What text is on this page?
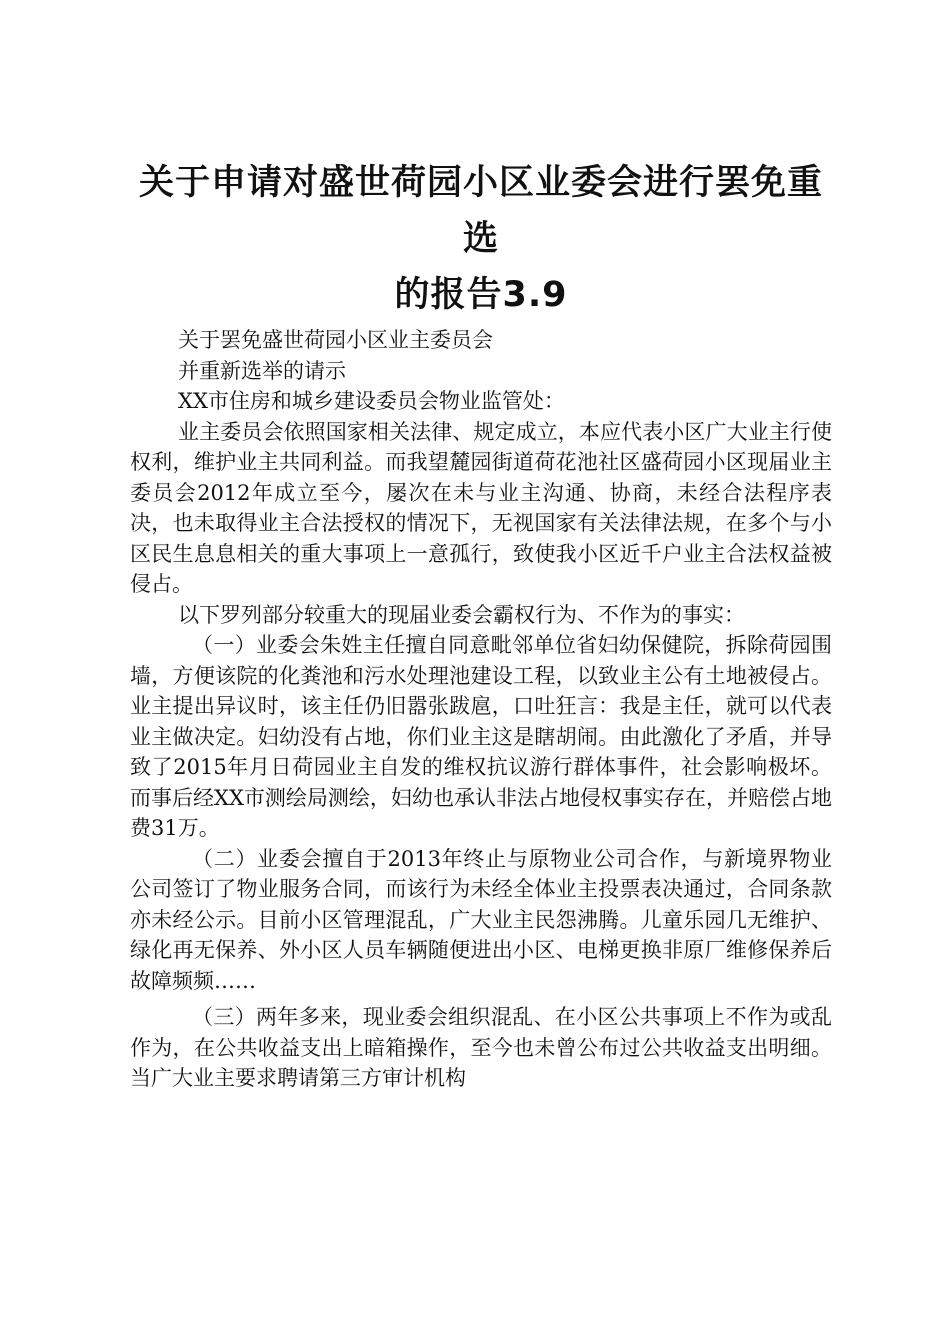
关于申请对盛世荷园小区业委会进行罢免重选
的报告3.9

关于罢免盛世荷园小区业主委员会

并重新选举的请示

XX市住房和城乡建设委员会物业监管处：

业主委员会依照国家相关法律、规定成立，本应代表小区广大业主行使权利，维护业主共同利益。而我望麓园街道荷花池社区盛荷园小区现届业主委员会2012年成立至今，屡次在未与业主沟通、协商，未经合法程序表决，也未取得业主合法授权的情况下，无视国家有关法律法规，在多个与小区民生息息相关的重大事项上一意孤行，致使我小区近千户业主合法权益被侵占。

以下罗列部分较重大的现届业委会霸权行为、不作为的事实：

（一）业委会朱姓主任擅自同意毗邻单位省妇幼保健院，拆除荷园围墙，方便该院的化粪池和污水处理池建设工程，以致业主公有土地被侵占。业主提出异议时，该主任仍旧嚣张跋扈，口吐狂言：我是主任，就可以代表业主做决定。妇幼没有占地，你们业主这是瞎胡闹。由此激化了矛盾，并导致了2015年月日荷园业主自发的维权抗议游行群体事件，社会影响极坏。而事后经XX市测绘局测绘，妇幼也承认非法占地侵权事实存在，并赔偿占地费31万。

（二）业委会擅自于2013年终止与原物业公司合作，与新境界物业公司签订了物业服务合同，而该行为未经全体业主投票表决通过，合同条款亦未经公示。目前小区管理混乱，广大业主民怨沸腾。儿童乐园几无维护、绿化再无保养、外小区人员车辆随便进出小区、电梯更换非原厂维修保养后故障频频……

（三）两年多来，现业委会组织混乱、在小区公共事项上不作为或乱作为，在公共收益支出上暗箱操作，至今也未曾公布过公共收益支出明细。当广大业主要求聘请第三方审计机构
